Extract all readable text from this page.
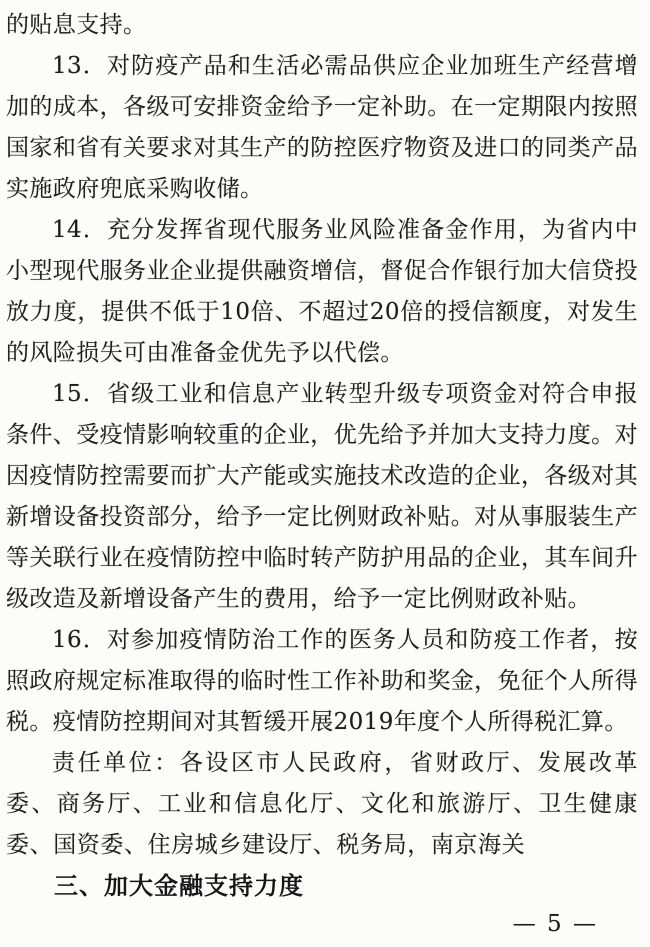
的贴息支持。

13．对防疫产品和生活必需品供应企业加班生产经营增加的成本，各级可安排资金给予一定补助。在一定期限内按照国家和省有关要求对其生产的防控医疗物资及进口的同类产品实施政府兜底采购收储。

14．充分发挥省现代服务业风险准备金作用，为省内中小型现代服务业企业提供融资增信，督促合作银行加大信贷投放力度，提供不低于10倍、不超过20倍的授信额度，对发生的风险损失可由准备金优先予以代偿。

15．省级工业和信息产业转型升级专项资金对符合申报条件、受疫情影响较重的企业，优先给予并加大支持力度。对因疫情防控需要而扩大产能或实施技术改造的企业，各级对其新增设备投资部分，给予一定比例财政补贴。对从事服装生产等关联行业在疫情防控中临时转产防护用品的企业，其车间升级改造及新增设备产生的费用，给予一定比例财政补贴。

16．对参加疫情防治工作的医务人员和防疫工作者，按照政府规定标准取得的临时性工作补助和奖金，免征个人所得税。疫情防控期间对其暂缓开展2019年度个人所得税汇算。

责任单位：各设区市人民政府，省财政厅、发展改革委、商务厅、工业和信息化厅、文化和旅游厅、卫生健康委、国资委、住房城乡建设厅、税务局，南京海关

三、加大金融支持力度

— 5 —
